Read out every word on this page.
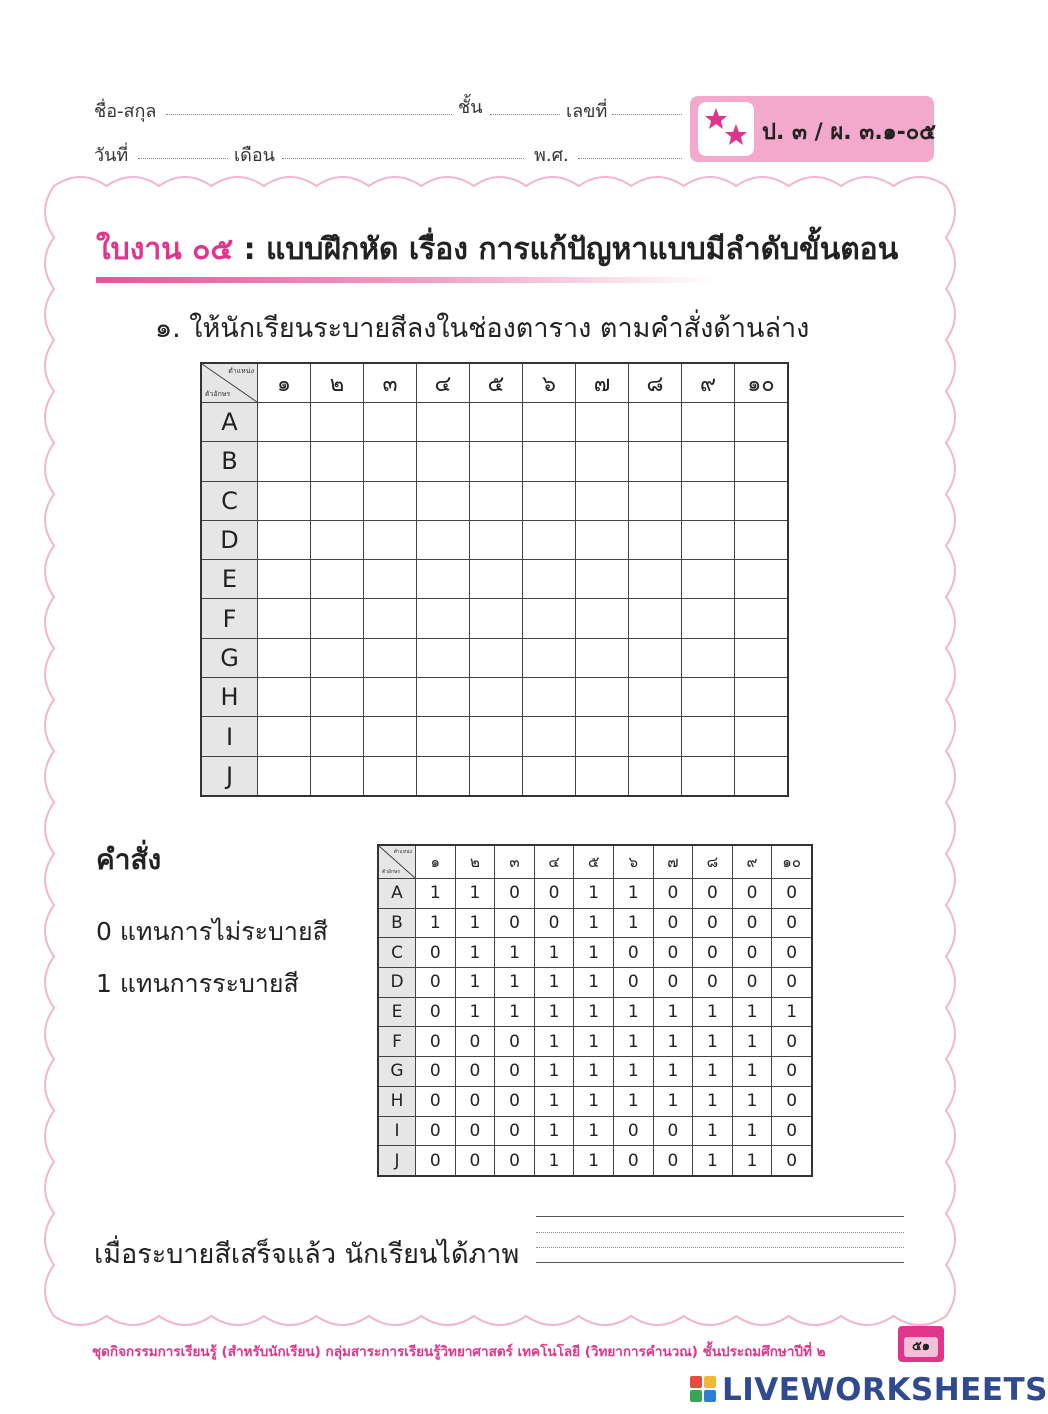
ชื่อ-สกุล	ชั้น	เลขที่
วันที่	เดือน	พ.ศ.
ป. ๓ / ผ. ๓.๑-๐๕
ใบงาน ๐๕ : แบบฝึกหัด เรื่อง การแก้ปัญหาแบบมีลำดับขั้นตอน
๑. ให้นักเรียนระบายสีลงในช่องตาราง ตามคำสั่งด้านล่าง
ตำแหน่ง
ตัวอักษร	๑	๒	๓	๔	๕	๖	๗	๘	๙	๑๐
A										
B										
C										
D										
E										
F										
G										
H										
I										
J										
คำสั่ง
0 แทนการไม่ระบายสี
1 แทนการระบายสี
ตำแหน่ง
ตัวอักษร	๑	๒	๓	๔	๕	๖	๗	๘	๙	๑๐
A	1	1	0	0	1	1	0	0	0	0
B	1	1	0	0	1	1	0	0	0	0
C	0	1	1	1	1	0	0	0	0	0
D	0	1	1	1	1	0	0	0	0	0
E	0	1	1	1	1	1	1	1	1	1
F	0	0	0	1	1	1	1	1	1	0
G	0	0	0	1	1	1	1	1	1	0
H	0	0	0	1	1	1	1	1	1	0
I	0	0	0	1	1	0	0	1	1	0
J	0	0	0	1	1	0	0	1	1	0
เมื่อระบายสีเสร็จแล้ว นักเรียนได้ภาพ
ชุดกิจกรรมการเรียนรู้ (สำหรับนักเรียน) กลุ่มสาระการเรียนรู้วิทยาศาสตร์ เทคโนโลยี (วิทยาการคำนวณ) ชั้นประถมศึกษาปีที่ ๒	๕๑
LIVEWORKSHEETS
